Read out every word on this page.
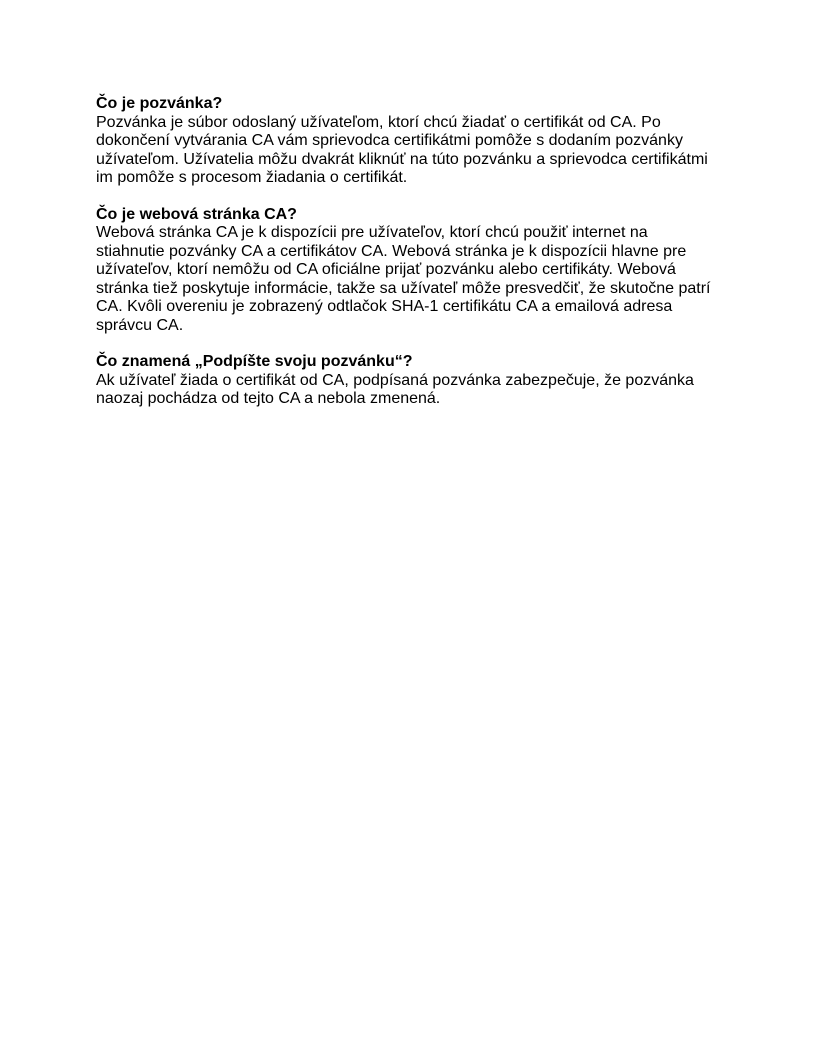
Čo je pozvánka?

Pozvánka je súbor odoslaný užívateľom, ktorí chcú žiadať o certifikát od CA. Po

dokončení vytvárania CA vám sprievodca certifikátmi pomôže s dodaním pozvánky

užívateľom. Užívatelia môžu dvakrát kliknúť na túto pozvánku a sprievodca certifikátmi

im pomôže s procesom žiadania o certifikát.

Čo je webová stránka CA?

Webová stránka CA je k dispozícii pre užívateľov, ktorí chcú použiť internet na

stiahnutie pozvánky CA a certifikátov CA. Webová stránka je k dispozícii hlavne pre

užívateľov, ktorí nemôžu od CA oficiálne prijať pozvánku alebo certifikáty. Webová

stránka tiež poskytuje informácie, takže sa užívateľ môže presvedčiť, že skutočne patrí

CA. Kvôli overeniu je zobrazený odtlačok SHA-1 certifikátu CA a emailová adresa

správcu CA.

Čo znamená „Podpíšte svoju pozvánku“?

Ak užívateľ žiada o certifikát od CA, podpísaná pozvánka zabezpečuje, že pozvánka

naozaj pochádza od tejto CA a nebola zmenená.
